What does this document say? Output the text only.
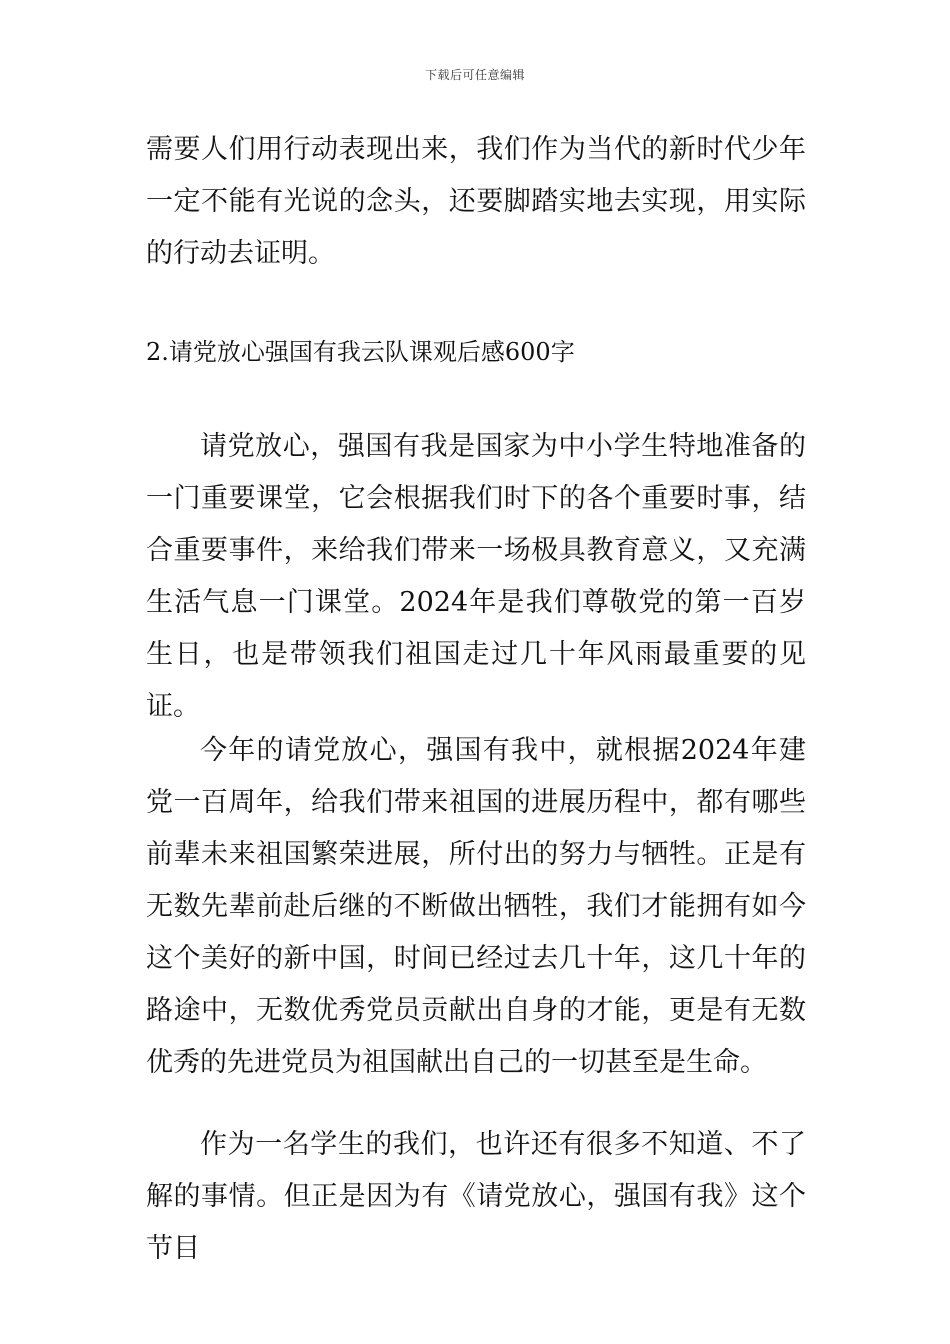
下载后可任意编辑

需要人们用行动表现出来，我们作为当代的新时代少年一定不能有光说的念头，还要脚踏实地去实现，用实际的行动去证明。

2.请党放心强国有我云队课观后感600字

请党放心，强国有我是国家为中小学生特地准备的一门重要课堂，它会根据我们时下的各个重要时事，结合重要事件，来给我们带来一场极具教育意义，又充满生活气息一门课堂。2024年是我们尊敬党的第一百岁生日，也是带领我们祖国走过几十年风雨最重要的见证。

今年的请党放心，强国有我中，就根据2024年建党一百周年，给我们带来祖国的进展历程中，都有哪些前辈未来祖国繁荣进展，所付出的努力与牺牲。正是有无数先辈前赴后继的不断做出牺牲，我们才能拥有如今这个美好的新中国，时间已经过去几十年，这几十年的路途中，无数优秀党员贡献出自身的才能，更是有无数优秀的先进党员为祖国献出自己的一切甚至是生命。

作为一名学生的我们，也许还有很多不知道、不了解的事情。但正是因为有《请党放心，强国有我》这个节目
